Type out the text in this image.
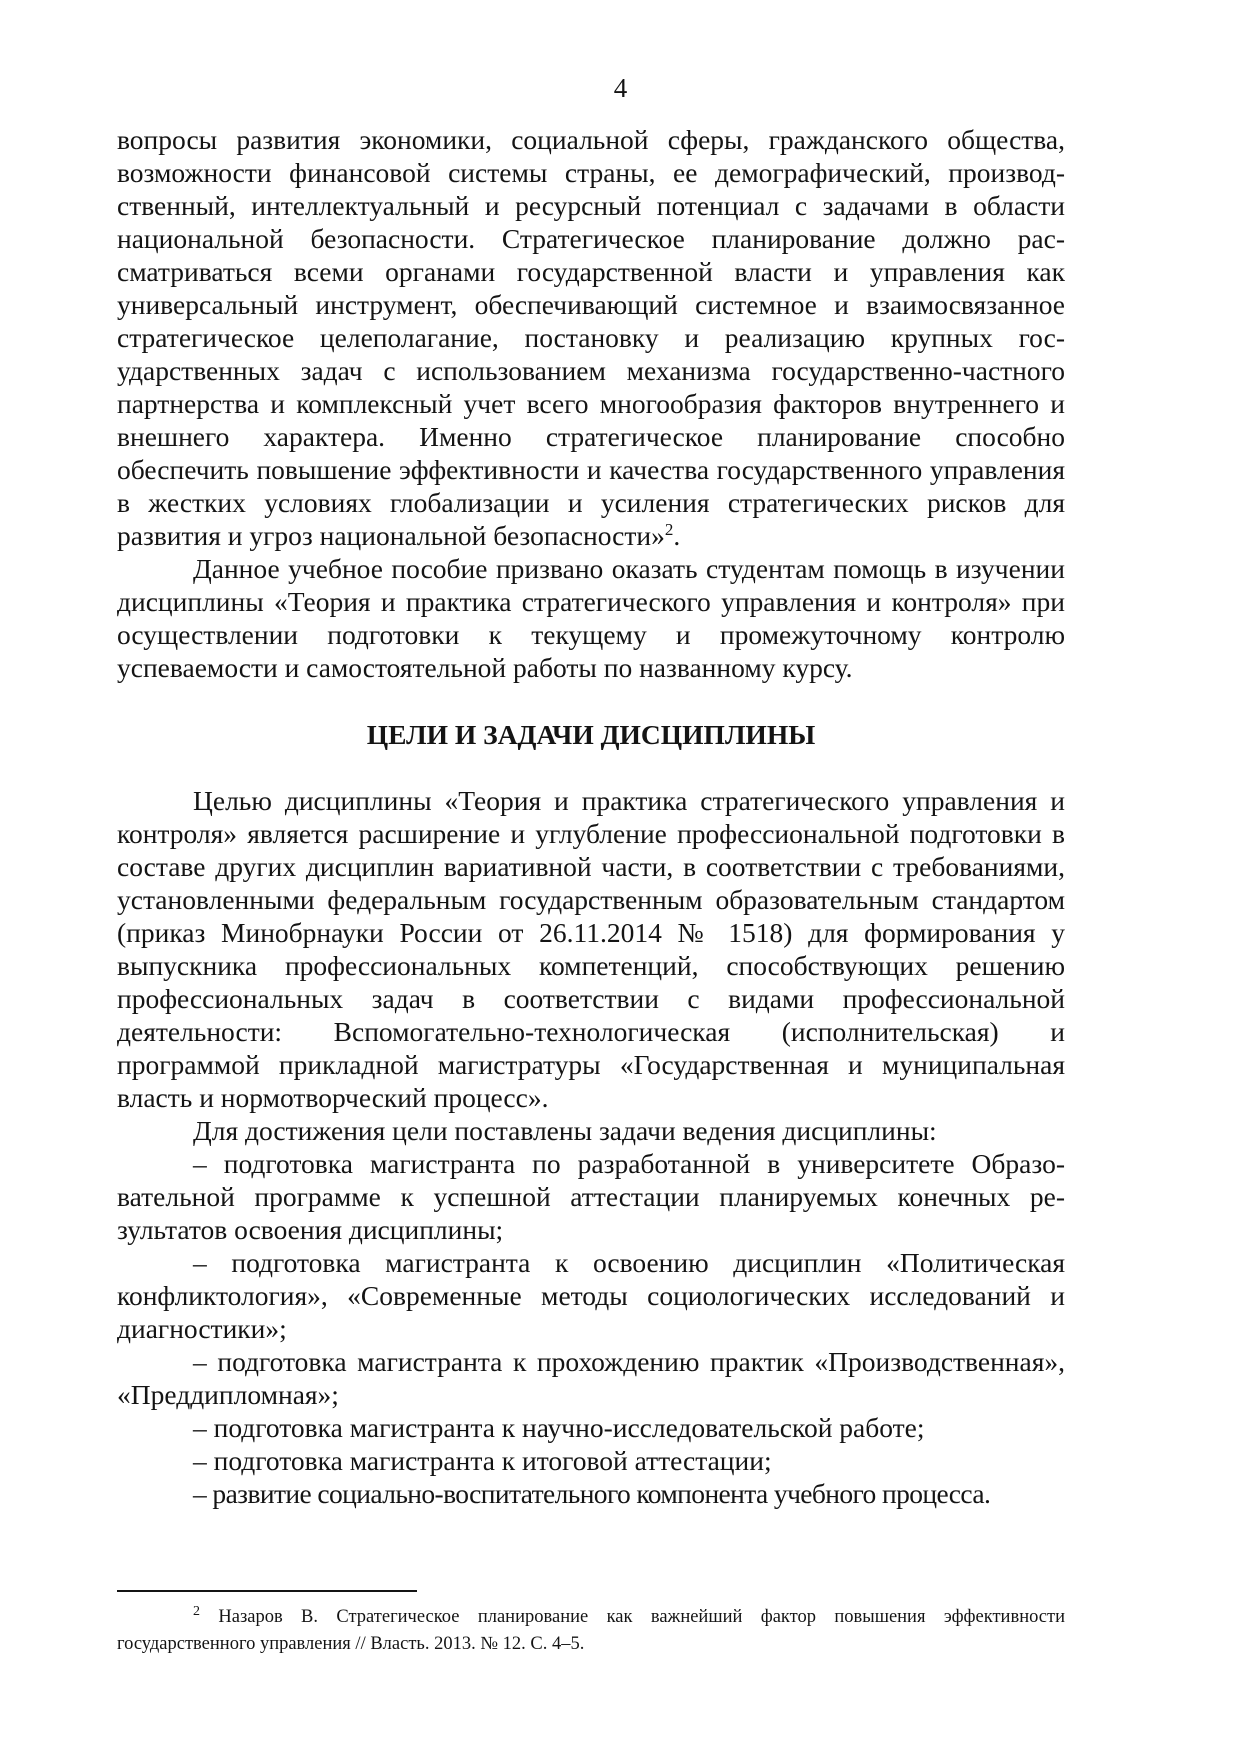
4

вопросы развития экономики, социальной сферы, гражданского общества, возможности финансовой системы страны, ее демографический, производственный, интеллектуальный и ресурсный потенциал с задачами в области национальной безопасности. Стратегическое планирование должно рассматриваться всеми органами государственной власти и управления как универсальный инструмент, обеспечивающий системное и взаимосвязанное стратегическое целеполагание, постановку и реализацию крупных государственных задач с использованием механизма государственно-частного партнерства и комплексный учет всего многообразия факторов внутреннего и внешнего характера. Именно стратегическое планирование способно обеспечить повышение эффективности и качества государственного управления в жестких условиях глобализации и усиления стратегических рисков для развития и угроз национальной безопасности»$^2$.

Данное учебное пособие призвано оказать студентам помощь в изучении дисциплины «Теория и практика стратегического управления и контроля» при осуществлении подготовки к текущему и промежуточному контролю успеваемости и самостоятельной работы по названному курсу.

ЦЕЛИ И ЗАДАЧИ ДИСЦИПЛИНЫ

Целью дисциплины «Теория и практика стратегического управления и контроля» является расширение и углубление профессиональной подготовки в составе других дисциплин вариативной части, в соответствии с требованиями, установленными федеральным государственным образовательным стандартом (приказ Минобрнауки России от 26.11.2014 № 1518) для формирования у выпускника профессиональных компетенций, способствующих решению профессиональных задач в соответствии с видами профессиональной деятельности: Вспомогательно-технологическая (исполнительская) и программой прикладной магистратуры «Государственная и муниципальная власть и нормотворческий процесс».

Для достижения цели поставлены задачи ведения дисциплины:

– подготовка магистранта по разработанной в университете Образовательной программе к успешной аттестации планируемых конечных результатов освоения дисциплины;

– подготовка магистранта к освоению дисциплин «Политическая конфликтология», «Современные методы социологических исследований и диагностики»;

– подготовка магистранта к прохождению практик «Производственная», «Преддипломная»;

– подготовка магистранта к научно-исследовательской работе;

– подготовка магистранта к итоговой аттестации;

– развитие социально-воспитательного компонента учебного процесса.

$^2$ Назаров В. Стратегическое планирование как важнейший фактор повышения эффективности государственного управления // Власть. 2013. № 12. С. 4–5.
